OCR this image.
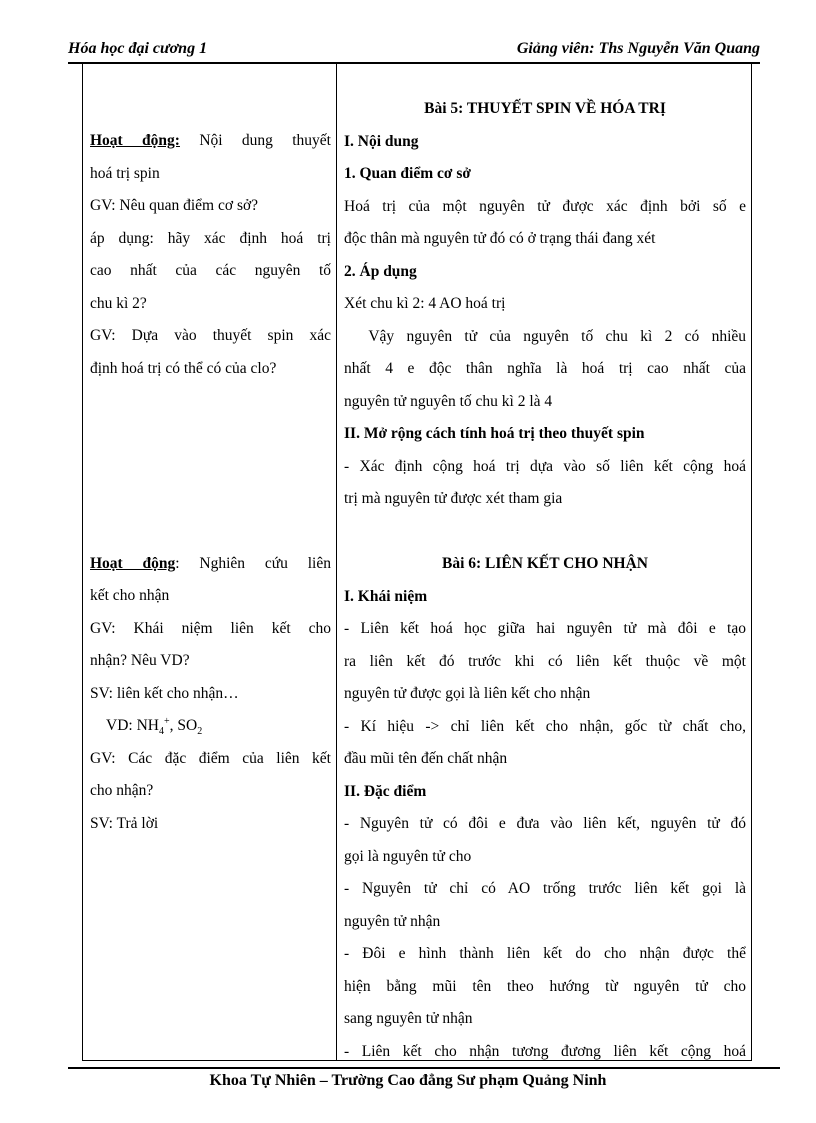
Hóa học đại cương 1	Giảng viên: Ths Nguyễn Văn Quang
Hoạt động: Nội dung thuyết
hoá trị spin
GV: Nêu quan điểm cơ sở?
áp dụng: hãy xác định hoá trị
cao nhất của các nguyên tố
chu kì 2?
GV: Dựa vào thuyết spin xác
định hoá trị có thể có của clo?
Hoạt động: Nghiên cứu liên
kết cho nhận
GV: Khái niệm liên kết cho
nhận? Nêu VD?
SV: liên kết cho nhận…
VD: $NH_4^+$, $SO_2$
GV: Các đặc điểm của liên kết
cho nhận?
SV: Trả lời
Bài 5: THUYẾT SPIN VỀ HÓA TRỊ
I. Nội dung
1. Quan điểm cơ sở
Hoá trị của một nguyên tử được xác định bởi số e
độc thân mà nguyên tử đó có ở trạng thái đang xét
2. Áp dụng
Xét chu kì 2: 4 AO hoá trị
Vậy nguyên tử của nguyên tố chu kì 2 có nhiều
nhất 4 e độc thân nghĩa là hoá trị cao nhất của
nguyên tử nguyên tố chu kì 2 là 4
II. Mở rộng cách tính hoá trị theo thuyết spin
- Xác định cộng hoá trị dựa vào số liên kết cộng hoá
trị mà nguyên tử được xét tham gia
Bài 6: LIÊN KẾT CHO NHẬN
I. Khái niệm
- Liên kết hoá học giữa hai nguyên tử mà đôi e tạo
ra liên kết đó trước khi có liên kết thuộc về một
nguyên tử được gọi là liên kết cho nhận
- Kí hiệu -> chỉ liên kết cho nhận, gốc từ chất cho,
đầu mũi tên đến chất nhận
II. Đặc điểm
- Nguyên tử có đôi e đưa vào liên kết, nguyên tử đó
gọi là nguyên tử cho
- Nguyên tử chỉ có AO trống trước liên kết gọi là
nguyên tử nhận
- Đôi e hình thành liên kết do cho nhận được thể
hiện bằng mũi tên theo hướng từ nguyên tử cho
sang nguyên tử nhận
- Liên kết cho nhận tương đương liên kết cộng hoá
Khoa Tự Nhiên – Trường Cao đẳng Sư phạm Quảng Ninh
